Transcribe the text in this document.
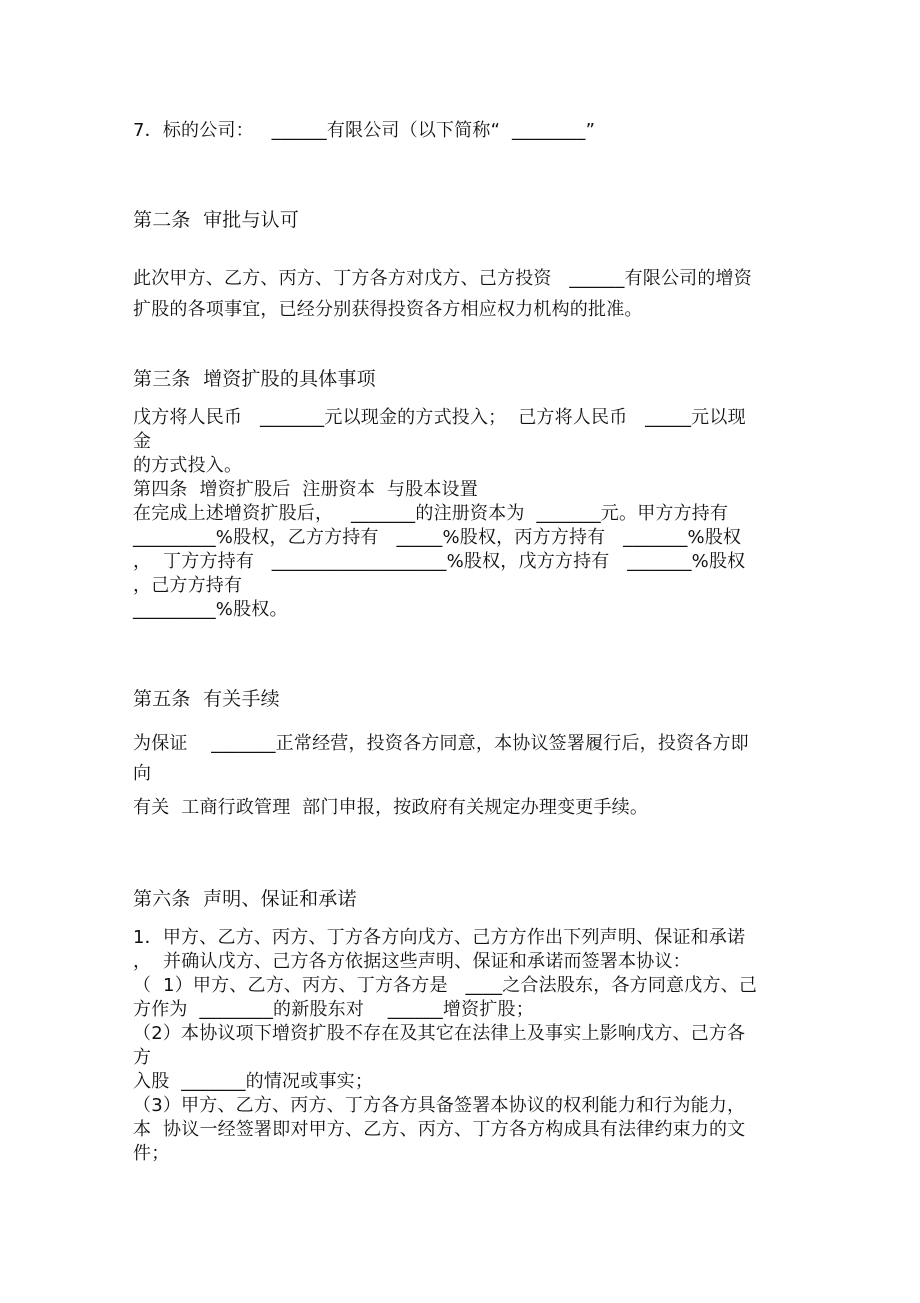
7．标的公司：   ______有限公司（以下简称“  ________”
第二条  审批与认可
此次甲方、乙方、丙方、丁方各方对戊方、己方投资   ______有限公司的增资
扩股的各项事宜，已经分别获得投资各方相应权力机构的批准。
第三条  增资扩股的具体事项
戊方将人民币   _______元以现金的方式投入；  己方将人民币   _____元以现
金
的方式投入。
第四条  增资扩股后  注册资本  与股本设置
在完成上述增资扩股后，   _______的注册资本为  _______元。甲方方持有
_________%股权，乙方方持有   _____%股权，丙方方持有   _______%股权
，  丁方方持有   ___________________%股权，戊方方持有   _______%股权
，己方方持有
_________%股权。
第五条  有关手续
为保证    _______正常经营，投资各方同意，本协议签署履行后，投资各方即
向
有关  工商行政管理  部门申报，按政府有关规定办理变更手续。
第六条  声明、保证和承诺
1．甲方、乙方、丙方、丁方各方向戊方、己方方作出下列声明、保证和承诺
，  并确认戊方、己方各方依据这些声明、保证和承诺而签署本协议：
（  1）甲方、乙方、丙方、丁方各方是   ____之合法股东，各方同意戊方、己
方作为  ________的新股东对    ______增资扩股；
（2）本协议项下增资扩股不存在及其它在法律上及事实上影响戊方、己方各
方
入股  _______的情况或事实；
（3）甲方、乙方、丙方、丁方各方具备签署本协议的权利能力和行为能力，
本  协议一经签署即对甲方、乙方、丙方、丁方各方构成具有法律约束力的文
件；
